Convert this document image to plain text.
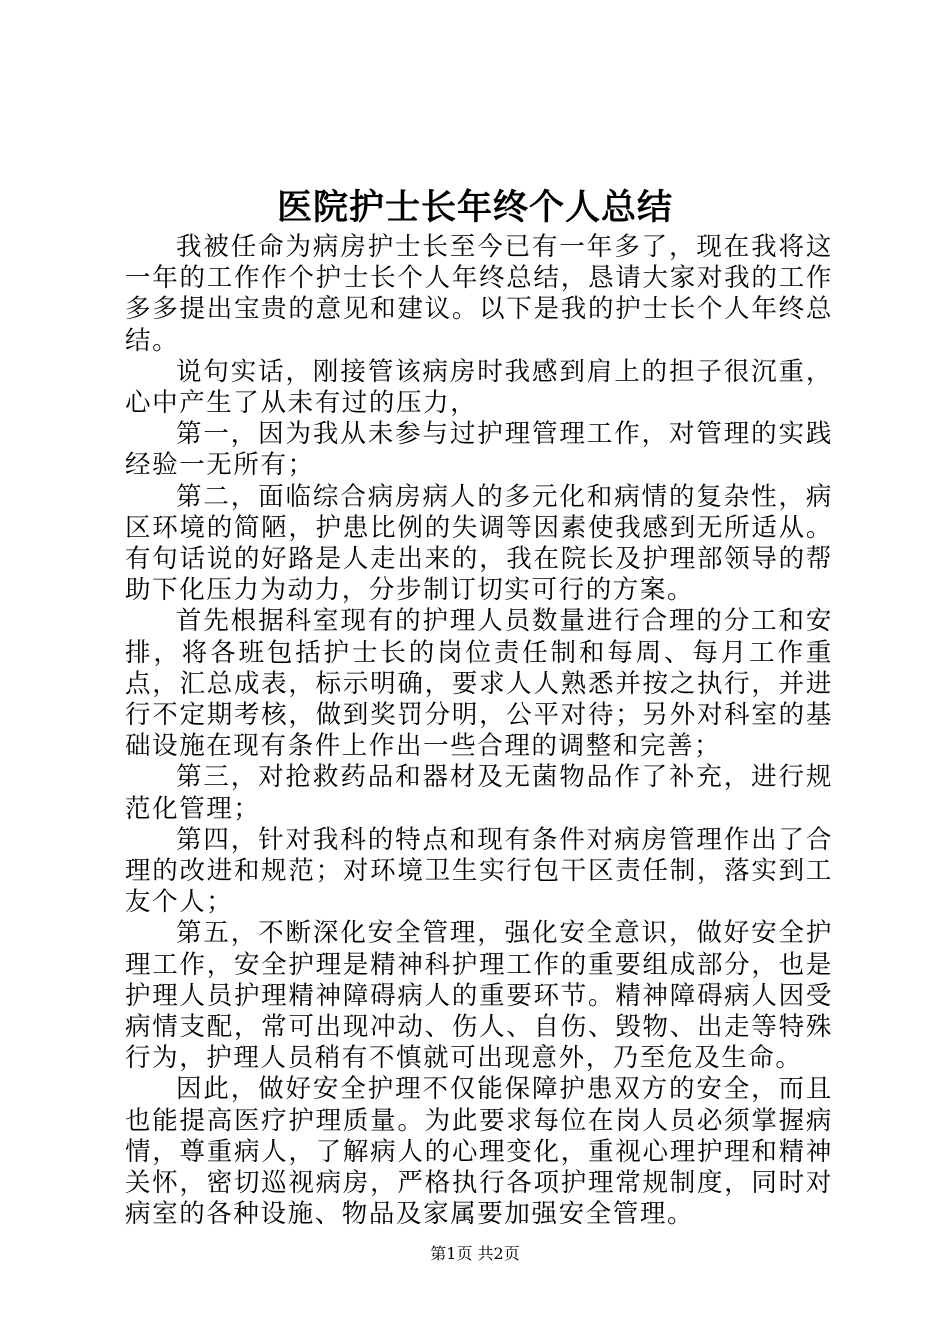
医院护士长年终个人总结

我被任命为病房护士长至今已有一年多了，现在我将这一年的工作作个护士长个人年终总结，恳请大家对我的工作多多提出宝贵的意见和建议。以下是我的护士长个人年终总结。

说句实话，刚接管该病房时我感到肩上的担子很沉重，心中产生了从未有过的压力，

第一，因为我从未参与过护理管理工作，对管理的实践经验一无所有；

第二，面临综合病房病人的多元化和病情的复杂性，病区环境的简陋，护患比例的失调等因素使我感到无所适从。有句话说的好路是人走出来的，我在院长及护理部领导的帮助下化压力为动力，分步制订切实可行的方案。

首先根据科室现有的护理人员数量进行合理的分工和安排，将各班包括护士长的岗位责任制和每周、每月工作重点，汇总成表，标示明确，要求人人熟悉并按之执行，并进行不定期考核，做到奖罚分明，公平对待；另外对科室的基础设施在现有条件上作出一些合理的调整和完善；

第三，对抢救药品和器材及无菌物品作了补充，进行规范化管理；

第四，针对我科的特点和现有条件对病房管理作出了合理的改进和规范；对环境卫生实行包干区责任制，落实到工友个人；

第五，不断深化安全管理，强化安全意识，做好安全护理工作，安全护理是精神科护理工作的重要组成部分，也是护理人员护理精神障碍病人的重要环节。精神障碍病人因受病情支配，常可出现冲动、伤人、自伤、毁物、出走等特殊行为，护理人员稍有不慎就可出现意外，乃至危及生命。

因此，做好安全护理不仅能保障护患双方的安全，而且也能提高医疗护理质量。为此要求每位在岗人员必须掌握病情，尊重病人，了解病人的心理变化，重视心理护理和精神关怀，密切巡视病房，严格执行各项护理常规制度，同时对病室的各种设施、物品及家属要加强安全管理。

第1页 共2页
